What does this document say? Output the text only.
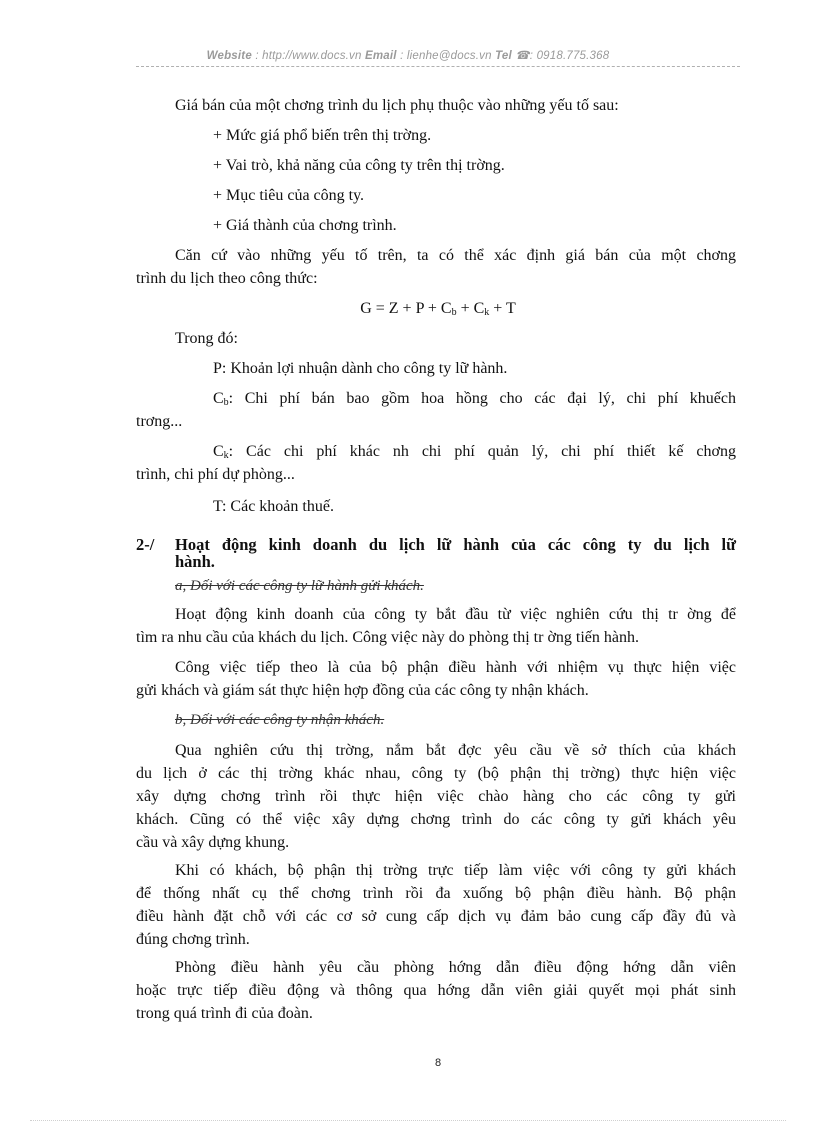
Website : http://www.docs.vn Email : lienhe@docs.vn Tel ☎: 0918.775.368
Giá bán của một chơng trình du lịch phụ thuộc vào những yếu tố sau:
+ Mức giá phổ biến trên thị trờng.
+ Vai trò, khả năng của công ty trên thị trờng.
+ Mục tiêu của công ty.
+ Giá thành của chơng trình.
Căn cứ vào những yếu tố trên, ta có thể xác định giá bán của một chơng
trình du lịch theo công thức:
$G = Z + P + C_b + C_k + T$
Trong đó:
P: Khoản lợi nhuận dành cho công ty lữ hành.
$C_b$: Chi phí bán bao gồm hoa hồng cho các đại lý, chi phí khuếch
trơng...
$C_k$: Các chi phí khác nh chi phí quản lý, chi phí thiết kế chơng
trình, chi phí dự phòng...
T: Các khoản thuế.
2-/ Hoạt động kinh doanh du lịch lữ hành của các công ty du lịch lữ
hành.
a, Đối với các công ty lữ hành gửi khách.
Hoạt động kinh doanh của công ty bắt đầu từ việc nghiên cứu thị tr ờng để
tìm ra nhu cầu của khách du lịch. Công việc này do phòng thị tr ờng tiến hành.
Công việc tiếp theo là của bộ phận điều hành với nhiệm vụ thực hiện việc
gửi khách và giám sát thực hiện hợp đồng của các công ty nhận khách.
b, Đối với các công ty nhận khách.
Qua nghiên cứu thị trờng, nắm bắt đợc yêu cầu về sở thích của khách
du lịch ở các thị trờng khác nhau, công ty (bộ phận thị trờng) thực hiện việc
xây dựng chơng trình rồi thực hiện việc chào hàng cho các công ty gửi
khách. Cũng có thể việc xây dựng chơng trình do các công ty gửi khách yêu
cầu và xây dựng khung.
Khi có khách, bộ phận thị trờng trực tiếp làm việc với công ty gửi khách
để thống nhất cụ thể chơng trình rồi đa xuống bộ phận điều hành. Bộ phận
điều hành đặt chỗ với các cơ sở cung cấp dịch vụ đảm bảo cung cấp đầy đủ và
đúng chơng trình.
Phòng điều hành yêu cầu phòng hớng dẫn điều động hớng dẫn viên
hoặc trực tiếp điều động và thông qua hớng dẫn viên giải quyết mọi phát sinh
trong quá trình đi của đoàn.
8
